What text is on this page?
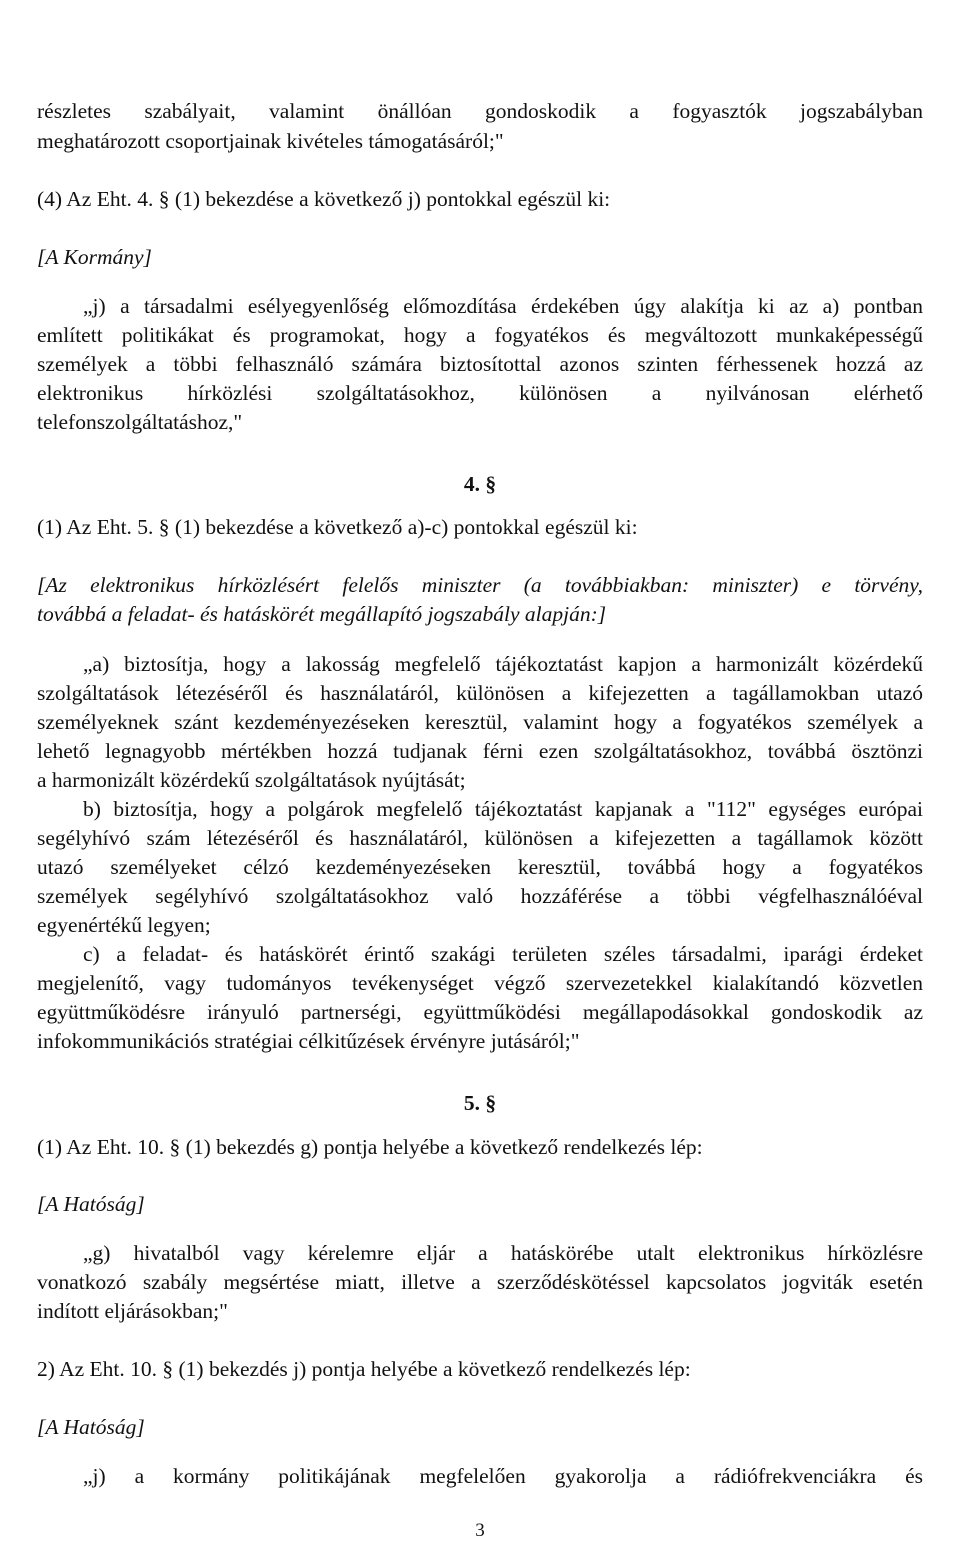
részletes szabályait, valamint önállóan gondoskodik a fogyasztók jogszabályban
meghatározott csoportjainak kivételes támogatásáról;"
(4) Az Eht. 4. § (1) bekezdése a következő j) pontokkal egészül ki:
[A Kormány]
„j) a társadalmi esélyegyenlőség előmozdítása érdekében úgy alakítja ki az a) pontban
említett politikákat és programokat, hogy a fogyatékos és megváltozott munkaképességű
személyek a többi felhasználó számára biztosítottal azonos szinten férhessenek hozzá az
elektronikus hírközlési szolgáltatásokhoz, különösen a nyilvánosan elérhető
telefonszolgáltatáshoz,"
4. §
(1) Az Eht. 5. § (1) bekezdése a következő a)-c) pontokkal egészül ki:
[Az elektronikus hírközlésért felelős miniszter (a továbbiakban: miniszter) e törvény,
továbbá a feladat- és hatáskörét megállapító jogszabály alapján:]
„a) biztosítja, hogy a lakosság megfelelő tájékoztatást kapjon a harmonizált közérdekű
szolgáltatások létezéséről és használatáról, különösen a kifejezetten a tagállamokban utazó
személyeknek szánt kezdeményezéseken keresztül, valamint hogy a fogyatékos személyek a
lehető legnagyobb mértékben hozzá tudjanak férni ezen szolgáltatásokhoz, továbbá ösztönzi
a harmonizált közérdekű szolgáltatások nyújtását;
b) biztosítja, hogy a polgárok megfelelő tájékoztatást kapjanak a "112" egységes európai
segélyhívó szám létezéséről és használatáról, különösen a kifejezetten a tagállamok között
utazó személyeket célzó kezdeményezéseken keresztül, továbbá hogy a fogyatékos
személyek segélyhívó szolgáltatásokhoz való hozzáférése a többi végfelhasználóéval
egyenértékű legyen;
c) a feladat- és hatáskörét érintő szakági területen széles társadalmi, iparági érdeket
megjelenítő, vagy tudományos tevékenységet végző szervezetekkel kialakítandó közvetlen
együttműködésre irányuló partnerségi, együttműködési megállapodásokkal gondoskodik az
infokommunikációs stratégiai célkitűzések érvényre jutásáról;"
5. §
(1) Az Eht. 10. § (1) bekezdés g) pontja helyébe a következő rendelkezés lép:
[A Hatóság]
„g) hivatalból vagy kérelemre eljár a hatáskörébe utalt elektronikus hírközlésre
vonatkozó szabály megsértése miatt, illetve a szerződéskötéssel kapcsolatos jogviták esetén
indított eljárásokban;"
2) Az Eht. 10. § (1) bekezdés j) pontja helyébe a következő rendelkezés lép:
[A Hatóság]
„j) a kormány politikájának megfelelően gyakorolja a rádiófrekvenciákra és
3
